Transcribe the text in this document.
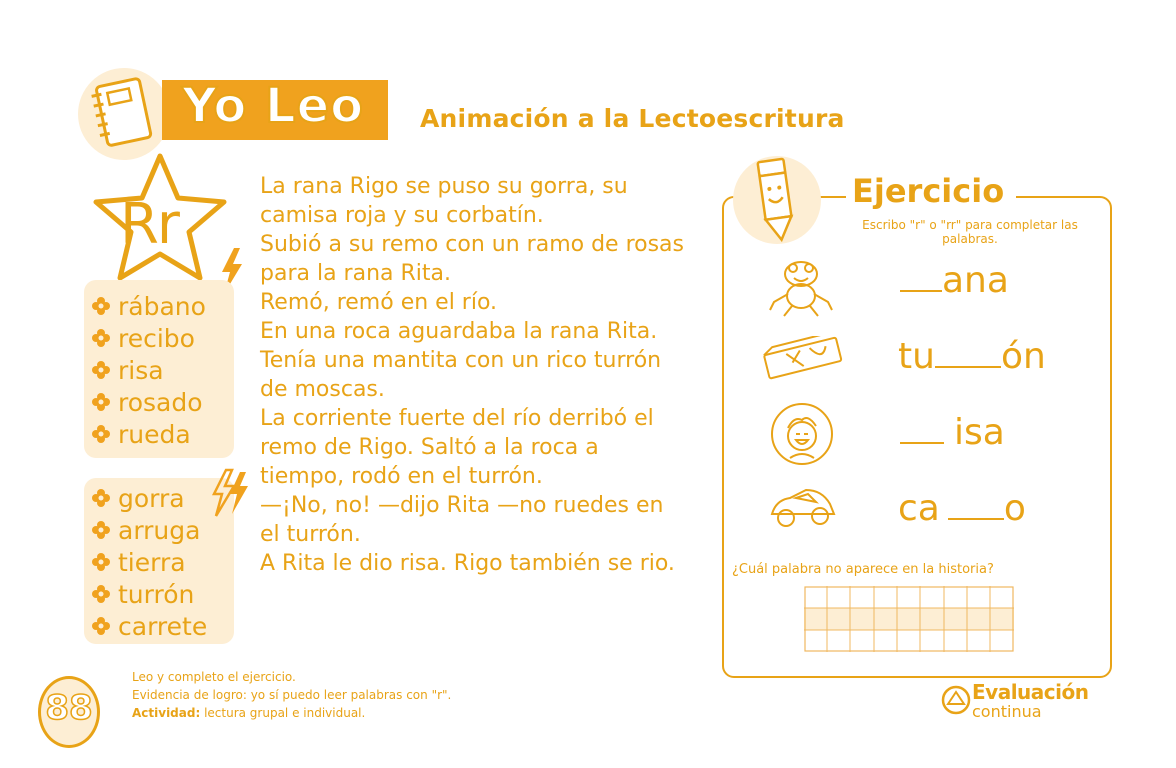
Yo Leo Animación a la Lectoescritura
Rr
rábano
recibo
risa
rosado
rueda
gorra
arruga
tierra
turrón
carrete

La rana Rigo se puso su gorra, su

camisa roja y su corbatín.

Subió a su remo con un ramo de rosas

para la rana Rita.

Remó, remó en el río.

En una roca aguardaba la rana Rita.

Tenía una mantita con un rico turrón

de moscas.

La corriente fuerte del río derribó el

remo de Rigo. Saltó a la roca a

tiempo, rodó en el turrón.

—¡No, no! —dijo Rita —no ruedes en

el turrón.

A Rita le dio risa. Rigo también se rio.

Ejercicio
Escribo "r" o "rr" para completar las palabras.
ana
tu ón
isa
ca o
¿Cuál palabra no aparece en la historia?
88
Leo y completo el ejercicio.
Evidencia de logro: yo sí puedo leer palabras con "r".
Actividad: lectura grupal e individual.
Evaluación
continua
